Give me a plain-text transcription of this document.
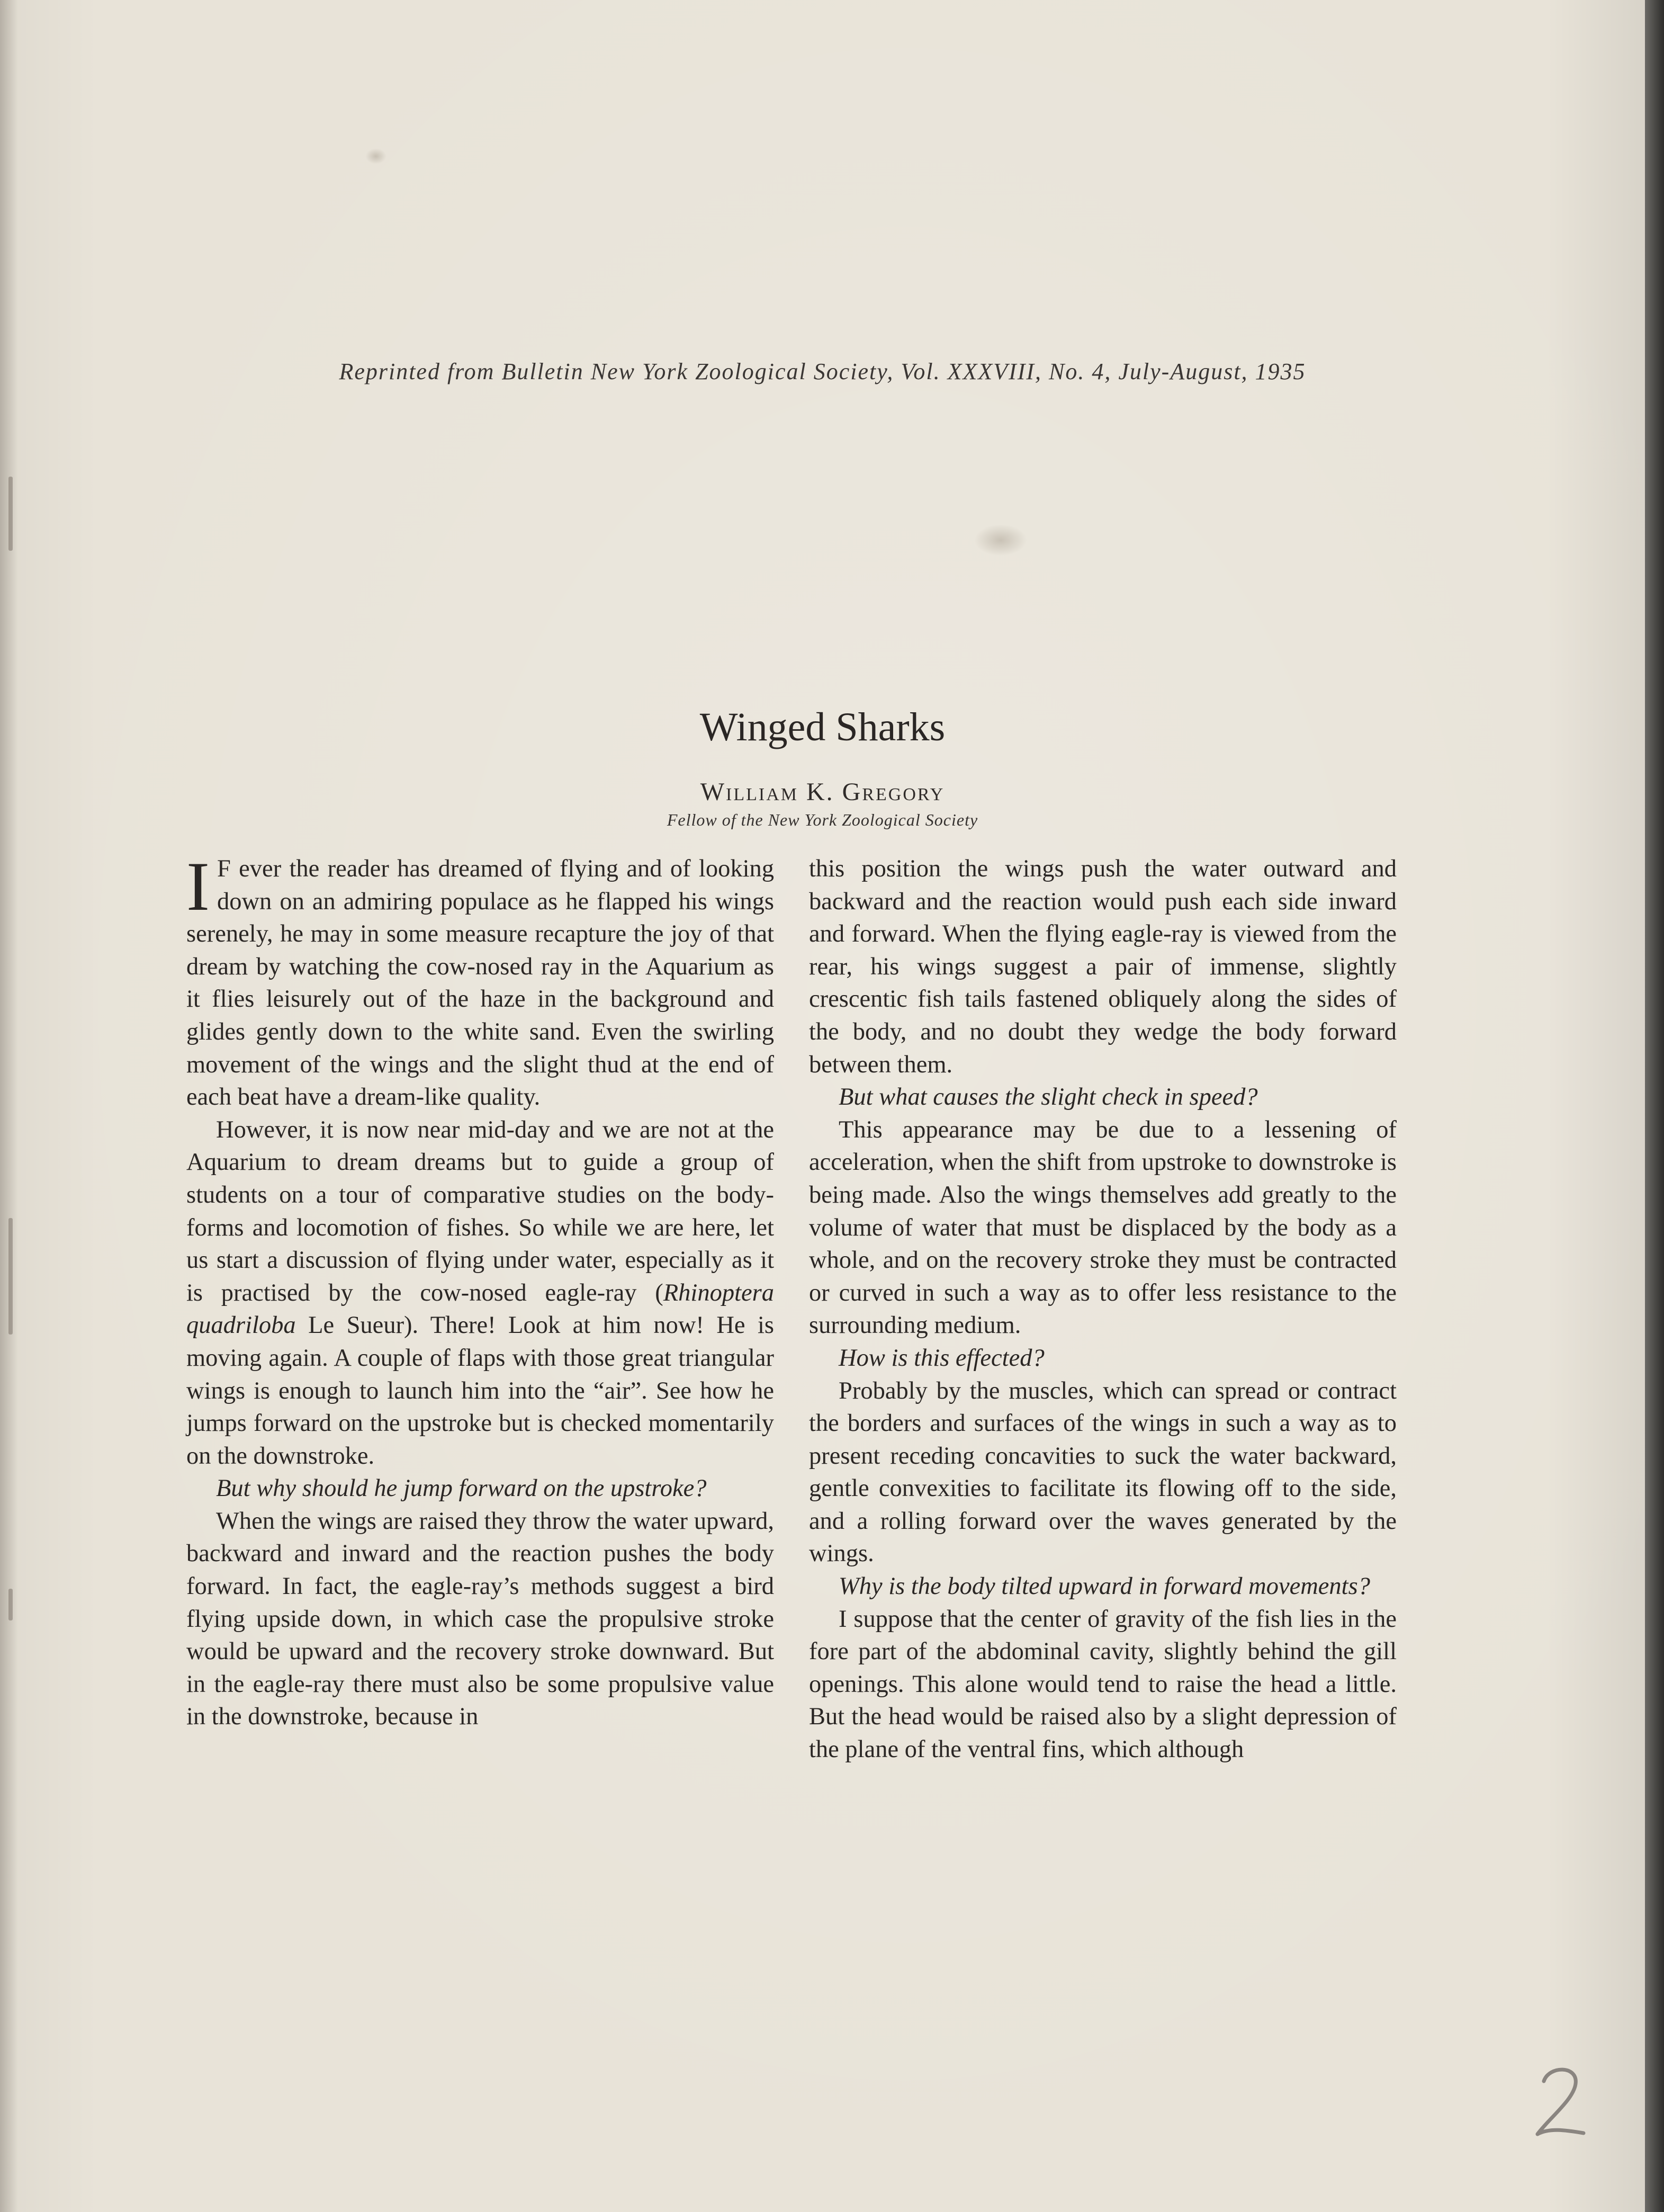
Reprinted from Bulletin New York Zoological Society, Vol. XXXVIII, No. 4, July-August, 1935
Winged Sharks
William K. Gregory
Fellow of the New York Zoological Society

I F ever the reader has dreamed of flying and of looking down on an admiring populace as he flapped his wings serenely, he may in some measure recapture the joy of that dream by watching the cow-nosed ray in the Aquarium as it flies leisurely out of the haze in the background and glides gently down to the white sand. Even the swirling movement of the wings and the slight thud at the end of each beat have a dream-like quality.

However, it is now near mid-day and we are not at the Aquarium to dream dreams but to guide a group of students on a tour of comparative studies on the body-forms and locomotion of fishes. So while we are here, let us start a discussion of flying under water, especially as it is practised by the cow-nosed eagle-ray (Rhinoptera quadriloba Le Sueur). There! Look at him now! He is moving again. A couple of flaps with those great triangular wings is enough to launch him into the “air”. See how he jumps forward on the upstroke but is checked momentarily on the downstroke.

But why should he jump forward on the upstroke?

When the wings are raised they throw the water upward, backward and inward and the reaction pushes the body forward. In fact, the eagle-ray’s methods suggest a bird flying upside down, in which case the propulsive stroke would be upward and the recovery stroke downward. But in the eagle-ray there must also be some propulsive value in the downstroke, because in

this position the wings push the water outward and backward and the reaction would push each side inward and forward. When the flying eagle-ray is viewed from the rear, his wings suggest a pair of immense, slightly crescentic fish tails fastened obliquely along the sides of the body, and no doubt they wedge the body forward between them.

But what causes the slight check in speed?

This appearance may be due to a lessening of acceleration, when the shift from upstroke to downstroke is being made. Also the wings themselves add greatly to the volume of water that must be displaced by the body as a whole, and on the recovery stroke they must be contracted or curved in such a way as to offer less resistance to the surrounding medium.

How is this effected?

Probably by the muscles, which can spread or contract the borders and surfaces of the wings in such a way as to present receding concavities to suck the water backward, gentle convexities to facilitate its flowing off to the side, and a rolling forward over the waves generated by the wings.

Why is the body tilted upward in forward movements?

I suppose that the center of gravity of the fish lies in the fore part of the abdominal cavity, slightly behind the gill openings. This alone would tend to raise the head a little. But the head would be raised also by a slight depression of the plane of the ventral fins, which although
